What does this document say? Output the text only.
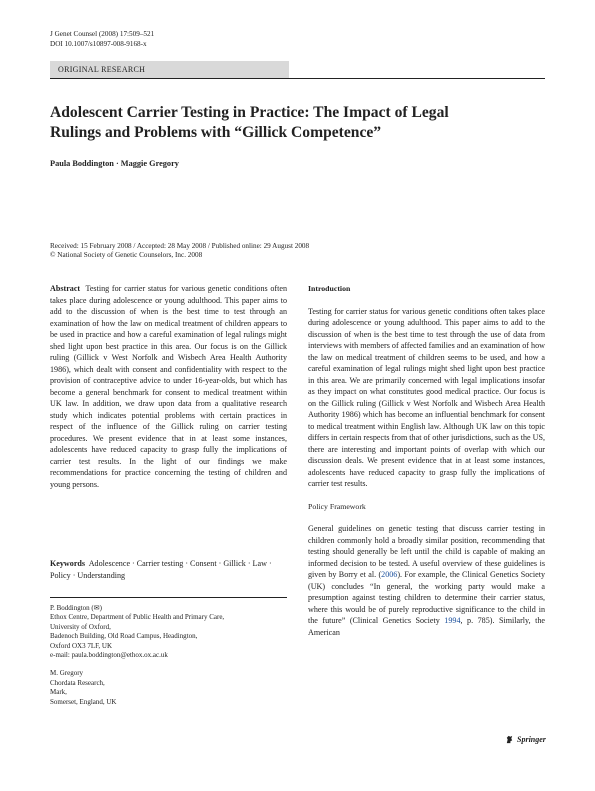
J Genet Counsel (2008) 17:509–521
DOI 10.1007/s10897-008-9168-x
ORIGINAL RESEARCH
Adolescent Carrier Testing in Practice: The Impact of Legal
Rulings and Problems with “Gillick Competence”
Paula Boddington · Maggie Gregory
Received: 15 February 2008 / Accepted: 28 May 2008 / Published online: 29 August 2008
© National Society of Genetic Counselors, Inc. 2008

Abstract Testing for carrier status for various genetic conditions often takes place during adolescence or young adulthood. This paper aims to add to the discussion of when is the best time to test through an examination of how the law on medical treatment of children appears to be used in practice and how a careful examination of legal rulings might shed light upon best practice in this area. Our focus is on the Gillick ruling (Gillick v West Norfolk and Wisbech Area Health Authority 1986), which dealt with consent and confidentiality with respect to the provision of contraceptive advice to under 16-year-olds, but which has become a general benchmark for consent to medical treatment within UK law. In addition, we draw upon data from a qualitative research study which indicates potential problems with certain practices in respect of the influence of the Gillick ruling on carrier testing procedures. We present evidence that in at least some instances, adolescents have reduced capacity to grasp fully the implications of carrier test results. In the light of our findings we make recommendations for practice concerning the testing of children and young persons.

Keywords Adolescence · Carrier testing · Consent · Gillick · Law · Policy · Understanding
P. Boddington (✉)
Ethox Centre, Department of Public Health and Primary Care,
University of Oxford,
Badenoch Building, Old Road Campus, Headington,
Oxford OX3 7LF, UK
e-mail: paula.boddington@ethox.ox.ac.uk
M. Gregory
Chordata Research,
Mark,
Somerset, England, UK
Introduction

Testing for carrier status for various genetic conditions often takes place during adolescence or young adulthood. This paper aims to add to the discussion of when is the best time to test through the use of data from interviews with members of affected families and an examination of how the law on medical treatment of children seems to be used, and how a careful examination of legal rulings might shed light upon best practice in this area. We are primarily concerned with legal implications insofar as they impact on what constitutes good medical practice. Our focus is on the Gillick ruling (Gillick v West Norfolk and Wisbech Area Health Authority 1986) which has become an influential benchmark for consent to medical treatment within English law. Although UK law on this topic differs in certain respects from that of other jurisdictions, such as the US, there are interesting and important points of overlap with which our discussion deals. We present evidence that in at least some instances, adolescents have reduced capacity to grasp fully the implications of carrier test results.

Policy Framework

General guidelines on genetic testing that discuss carrier testing in children commonly hold a broadly similar position, recommending that testing should generally be left until the child is capable of making an informed decision to be tested. A useful overview of these guidelines is given by Borry et al. (2006). For example, the Clinical Genetics Society (UK) concludes “In general, the working party would make a presumption against testing children to determine their carrier status, where this would be of purely reproductive significance to the child in the future” (Clinical Genetics Society 1994, p. 785). Similarly, the American

Springer
